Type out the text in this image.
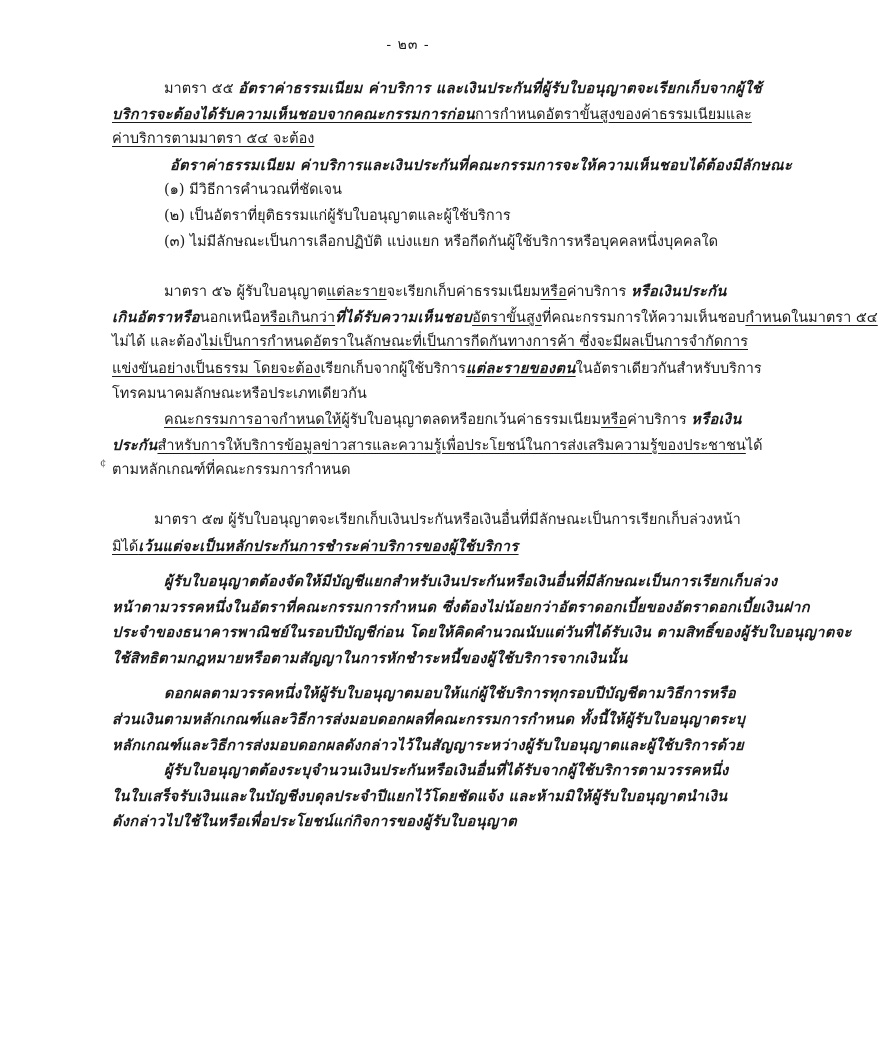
- ๒๓ -
¢
มาตรา ๕๕ อัตราค่าธรรมเนียม ค่าบริการ และเงินประกันที่ผู้รับใบอนุญาตจะเรียกเก็บจากผู้ใช้
บริการจะต้องได้รับความเห็นชอบจากคณะกรรมการก่อนการกำหนดอัตราขั้นสูงของค่าธรรมเนียมและ
ค่าบริการตามมาตรา ๕๔ จะต้อง
อัตราค่าธรรมเนียม ค่าบริการและเงินประกันที่คณะกรรมการจะให้ความเห็นชอบได้ต้องมีลักษณะ
(๑) มีวิธีการคำนวณที่ชัดเจน
(๒) เป็นอัตราที่ยุติธรรมแก่ผู้รับใบอนุญาตและผู้ใช้บริการ
(๓) ไม่มีลักษณะเป็นการเลือกปฏิบัติ แบ่งแยก หรือกีดกันผู้ใช้บริการหรือบุคคลหนึ่งบุคคลใด
มาตรา ๕๖ ผู้รับใบอนุญาตแต่ละรายจะเรียกเก็บค่าธรรมเนียมหรือค่าบริการ หรือเงินประกัน
เกินอัตราหรือนอกเหนือหรือเกินกว่าที่ได้รับความเห็นชอบอัตราขั้นสูงที่คณะกรรมการให้ความเห็นชอบกำหนดในมาตรา ๕๔
ไม่ได้ และต้องไม่เป็นการกำหนดอัตราในลักษณะที่เป็นการกีดกันทางการค้า ซึ่งจะมีผลเป็นการจำกัดการ
แข่งขันอย่างเป็นธรรม โดยจะต้องเรียกเก็บจากผู้ใช้บริการแต่ละรายของตนในอัตราเดียวกันสำหรับบริการ
โทรคมนาคมลักษณะหรือประเภทเดียวกัน
คณะกรรมการอาจกำหนดให้ผู้รับใบอนุญาตลดหรือยกเว้นค่าธรรมเนียมหรือค่าบริการ หรือเงิน
ประกันสำหรับการให้บริการข้อมูลข่าวสารและความรู้เพื่อประโยชน์ในการส่งเสริมความรู้ของประชาชนได้
ตามหลักเกณฑ์ที่คณะกรรมการกำหนด
มาตรา ๕๗ ผู้รับใบอนุญาตจะเรียกเก็บเงินประกันหรือเงินอื่นที่มีลักษณะเป็นการเรียกเก็บล่วงหน้า
มิได้เว้นแต่จะเป็นหลักประกันการชำระค่าบริการของผู้ใช้บริการ
ผู้รับใบอนุญาตต้องจัดให้มีบัญชีแยกสำหรับเงินประกันหรือเงินอื่นที่มีลักษณะเป็นการเรียกเก็บล่วง
หน้าตามวรรคหนึ่งในอัตราที่คณะกรรมการกำหนด ซึ่งต้องไม่น้อยกว่าอัตราดอกเบี้ยของอัตราดอกเบี้ยเงินฝาก
ประจำของธนาคารพาณิชย์ในรอบปีบัญชีก่อน โดยให้คิดคำนวณนับแต่วันที่ได้รับเงิน ตามสิทธิ์ของผู้รับใบอนุญาตจะ
ใช้สิทธิตามกฎหมายหรือตามสัญญาในการหักชำระหนี้ของผู้ใช้บริการจากเงินนั้น
ดอกผลตามวรรคหนึ่งให้ผู้รับใบอนุญาตมอบให้แก่ผู้ใช้บริการทุกรอบปีบัญชีตามวิธีการหรือ
ส่วนเงินตามหลักเกณฑ์และวิธีการส่งมอบดอกผลที่คณะกรรมการกำหนด ทั้งนี้ให้ผู้รับใบอนุญาตระบุ
หลักเกณฑ์และวิธีการส่งมอบดอกผลดังกล่าวไว้ในสัญญาระหว่างผู้รับใบอนุญาตและผู้ใช้บริการด้วย
ผู้รับใบอนุญาตต้องระบุจำนวนเงินประกันหรือเงินอื่นที่ได้รับจากผู้ใช้บริการตามวรรคหนึ่ง
ในใบเสร็จรับเงินและในบัญชีงบดุลประจำปีแยกไว้โดยชัดแจ้ง และห้ามมิให้ผู้รับใบอนุญาตนำเงิน
ดังกล่าวไปใช้ในหรือเพื่อประโยชน์แก่กิจการของผู้รับใบอนุญาต
